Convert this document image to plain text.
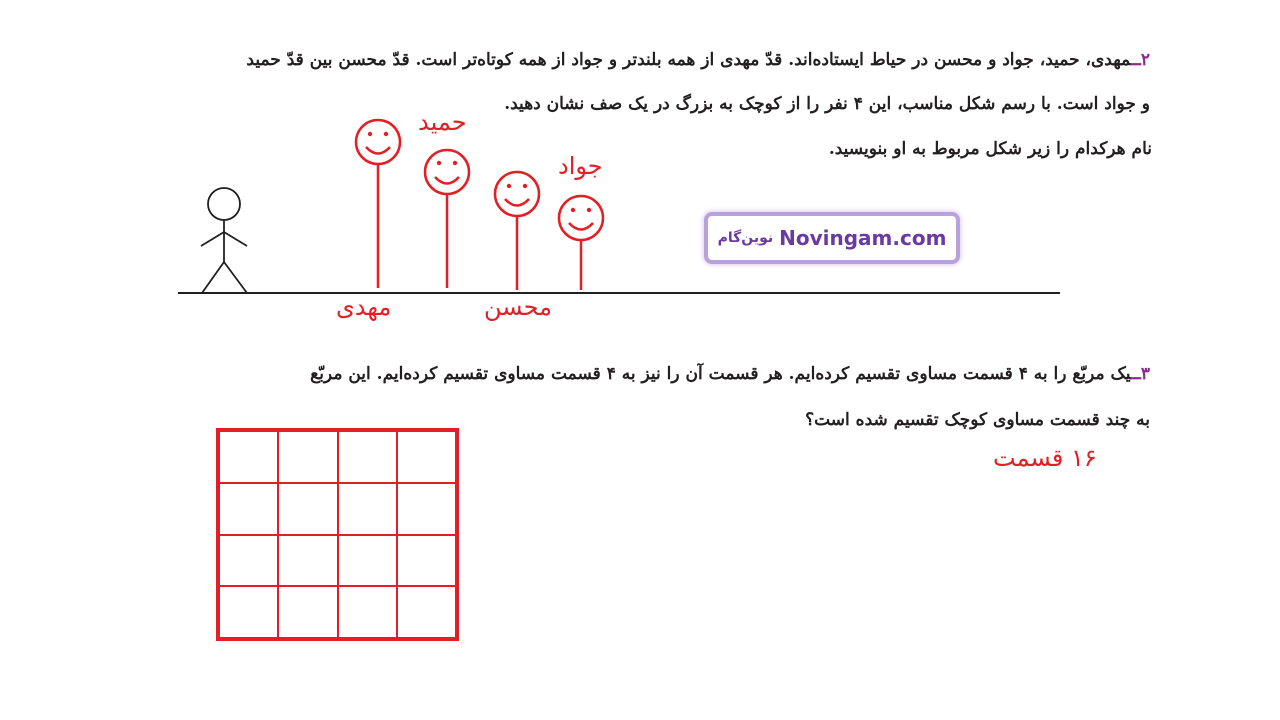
۲ــمهدی، حمید، جواد و محسن در حیاط ایستاده‌اند. قدّ مهدی از همه بلندتر و جواد از همه کوتاه‌تر است. قدّ محسن بین قدّ حمید
و جواد است. با رسم شکل مناسب، این ۴ نفر را از کوچک به بزرگ در یک صف نشان دهید.
نام هرکدام را زیر شکل مربوط به او بنویسید.
حمید
جواد
مهدی	محسن
نوین‌گام Novingam.com
۳ــیک مربّع را به ۴ قسمت مساوی تقسیم کرده‌ایم. هر قسمت آن را نیز به ۴ قسمت مساوی تقسیم کرده‌ایم. این مربّع
به چند قسمت مساوی کوچک تقسیم شده است؟
۱۶ قسمت
